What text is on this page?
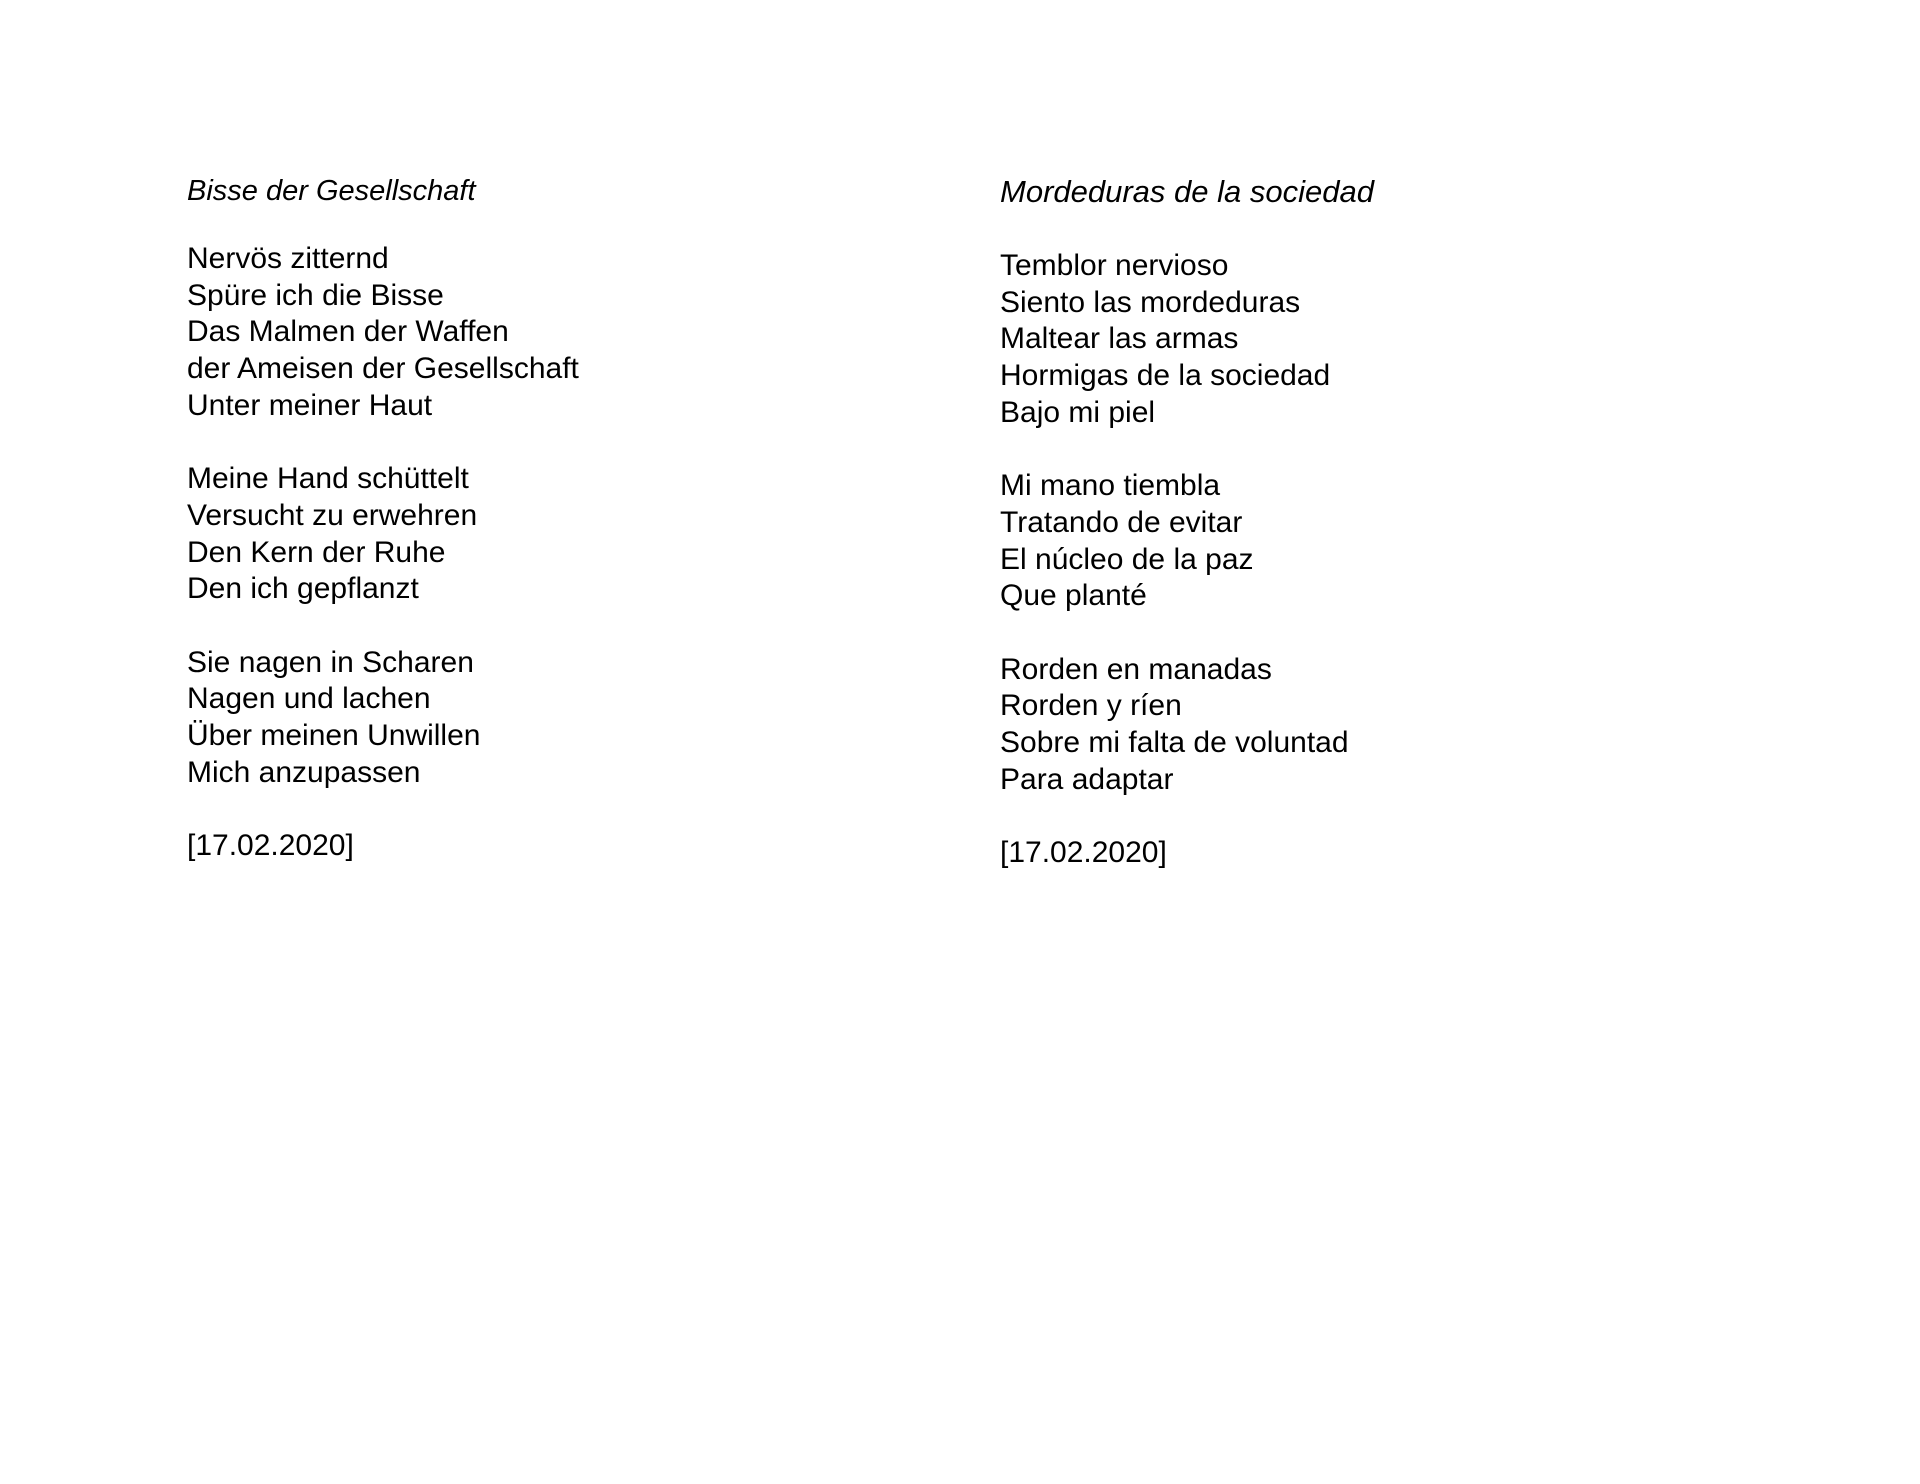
Bisse der Gesellschaft

Nervös zitternd
Spüre ich die Bisse
Das Malmen der Waffen
der Ameisen der Gesellschaft
Unter meiner Haut

Meine Hand schüttelt
Versucht zu erwehren
Den Kern der Ruhe
Den ich gepflanzt

Sie nagen in Scharen
Nagen und lachen
Über meinen Unwillen
Mich anzupassen

[17.02.2020]

Mordeduras de la sociedad

Temblor nervioso
Siento las mordeduras
Maltear las armas
Hormigas de la sociedad
Bajo mi piel

Mi mano tiembla
Tratando de evitar
El núcleo de la paz
Que planté

Rorden en manadas
Rorden y ríen
Sobre mi falta de voluntad
Para adaptar

[17.02.2020]
